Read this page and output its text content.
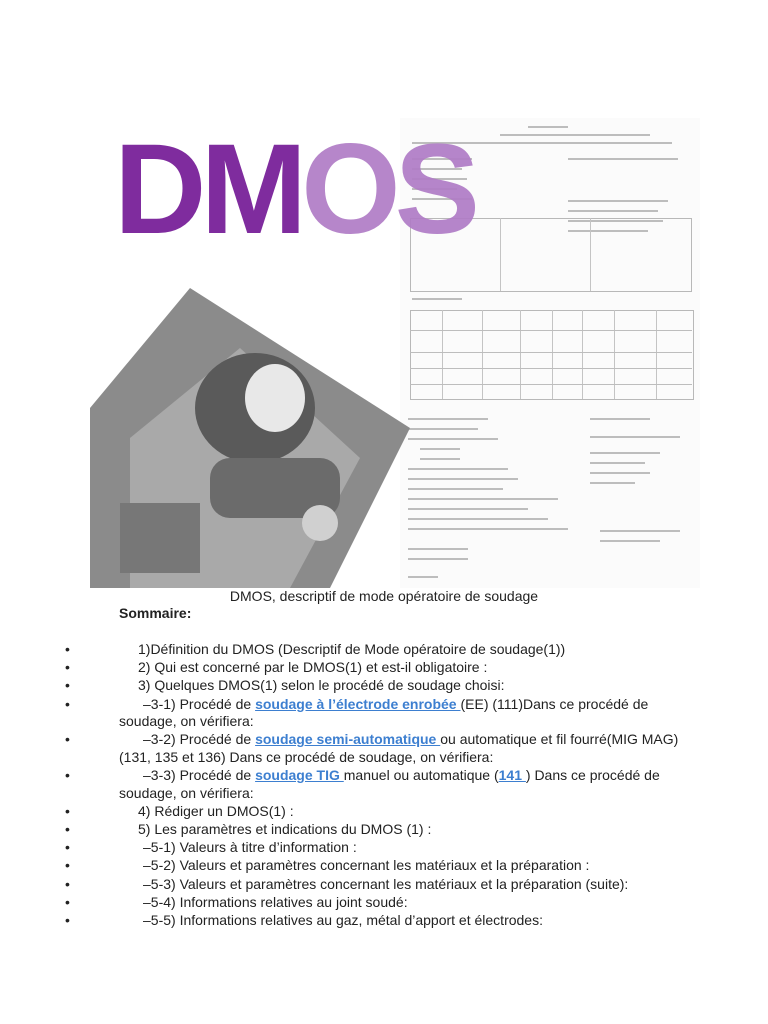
DMOS

DMOS, descriptif de mode opératoire de soudage

Sommaire:

•	1)Définition du DMOS (Descriptif de Mode opératoire de soudage(1))
•	2) Qui est concerné par le DMOS(1) et est-il obligatoire :
•	3) Quelques DMOS(1) selon le procédé de soudage choisi:
•	–3-1) Procédé de soudage à l’électrode enrobée (EE) (111)Dans ce procédé de soudage, on vérifiera:
•	–3-2) Procédé de soudage semi-automatique ou automatique et fil fourré(MIG MAG)(131, 135 et 136) Dans ce procédé de soudage, on vérifiera:
•	–3-3) Procédé de soudage TIG manuel ou automatique (141 ) Dans ce procédé de soudage, on vérifiera:
•	4) Rédiger un DMOS(1) :
•	5) Les paramètres et indications du DMOS (1) :
•	–5-1) Valeurs à titre d’information :
•	–5-2) Valeurs et paramètres concernant les matériaux et la préparation :
•	–5-3) Valeurs et paramètres concernant les matériaux et la préparation (suite):
•	–5-4) Informations relatives au joint soudé:
•	–5-5) Informations relatives au gaz, métal d’apport et électrodes:
